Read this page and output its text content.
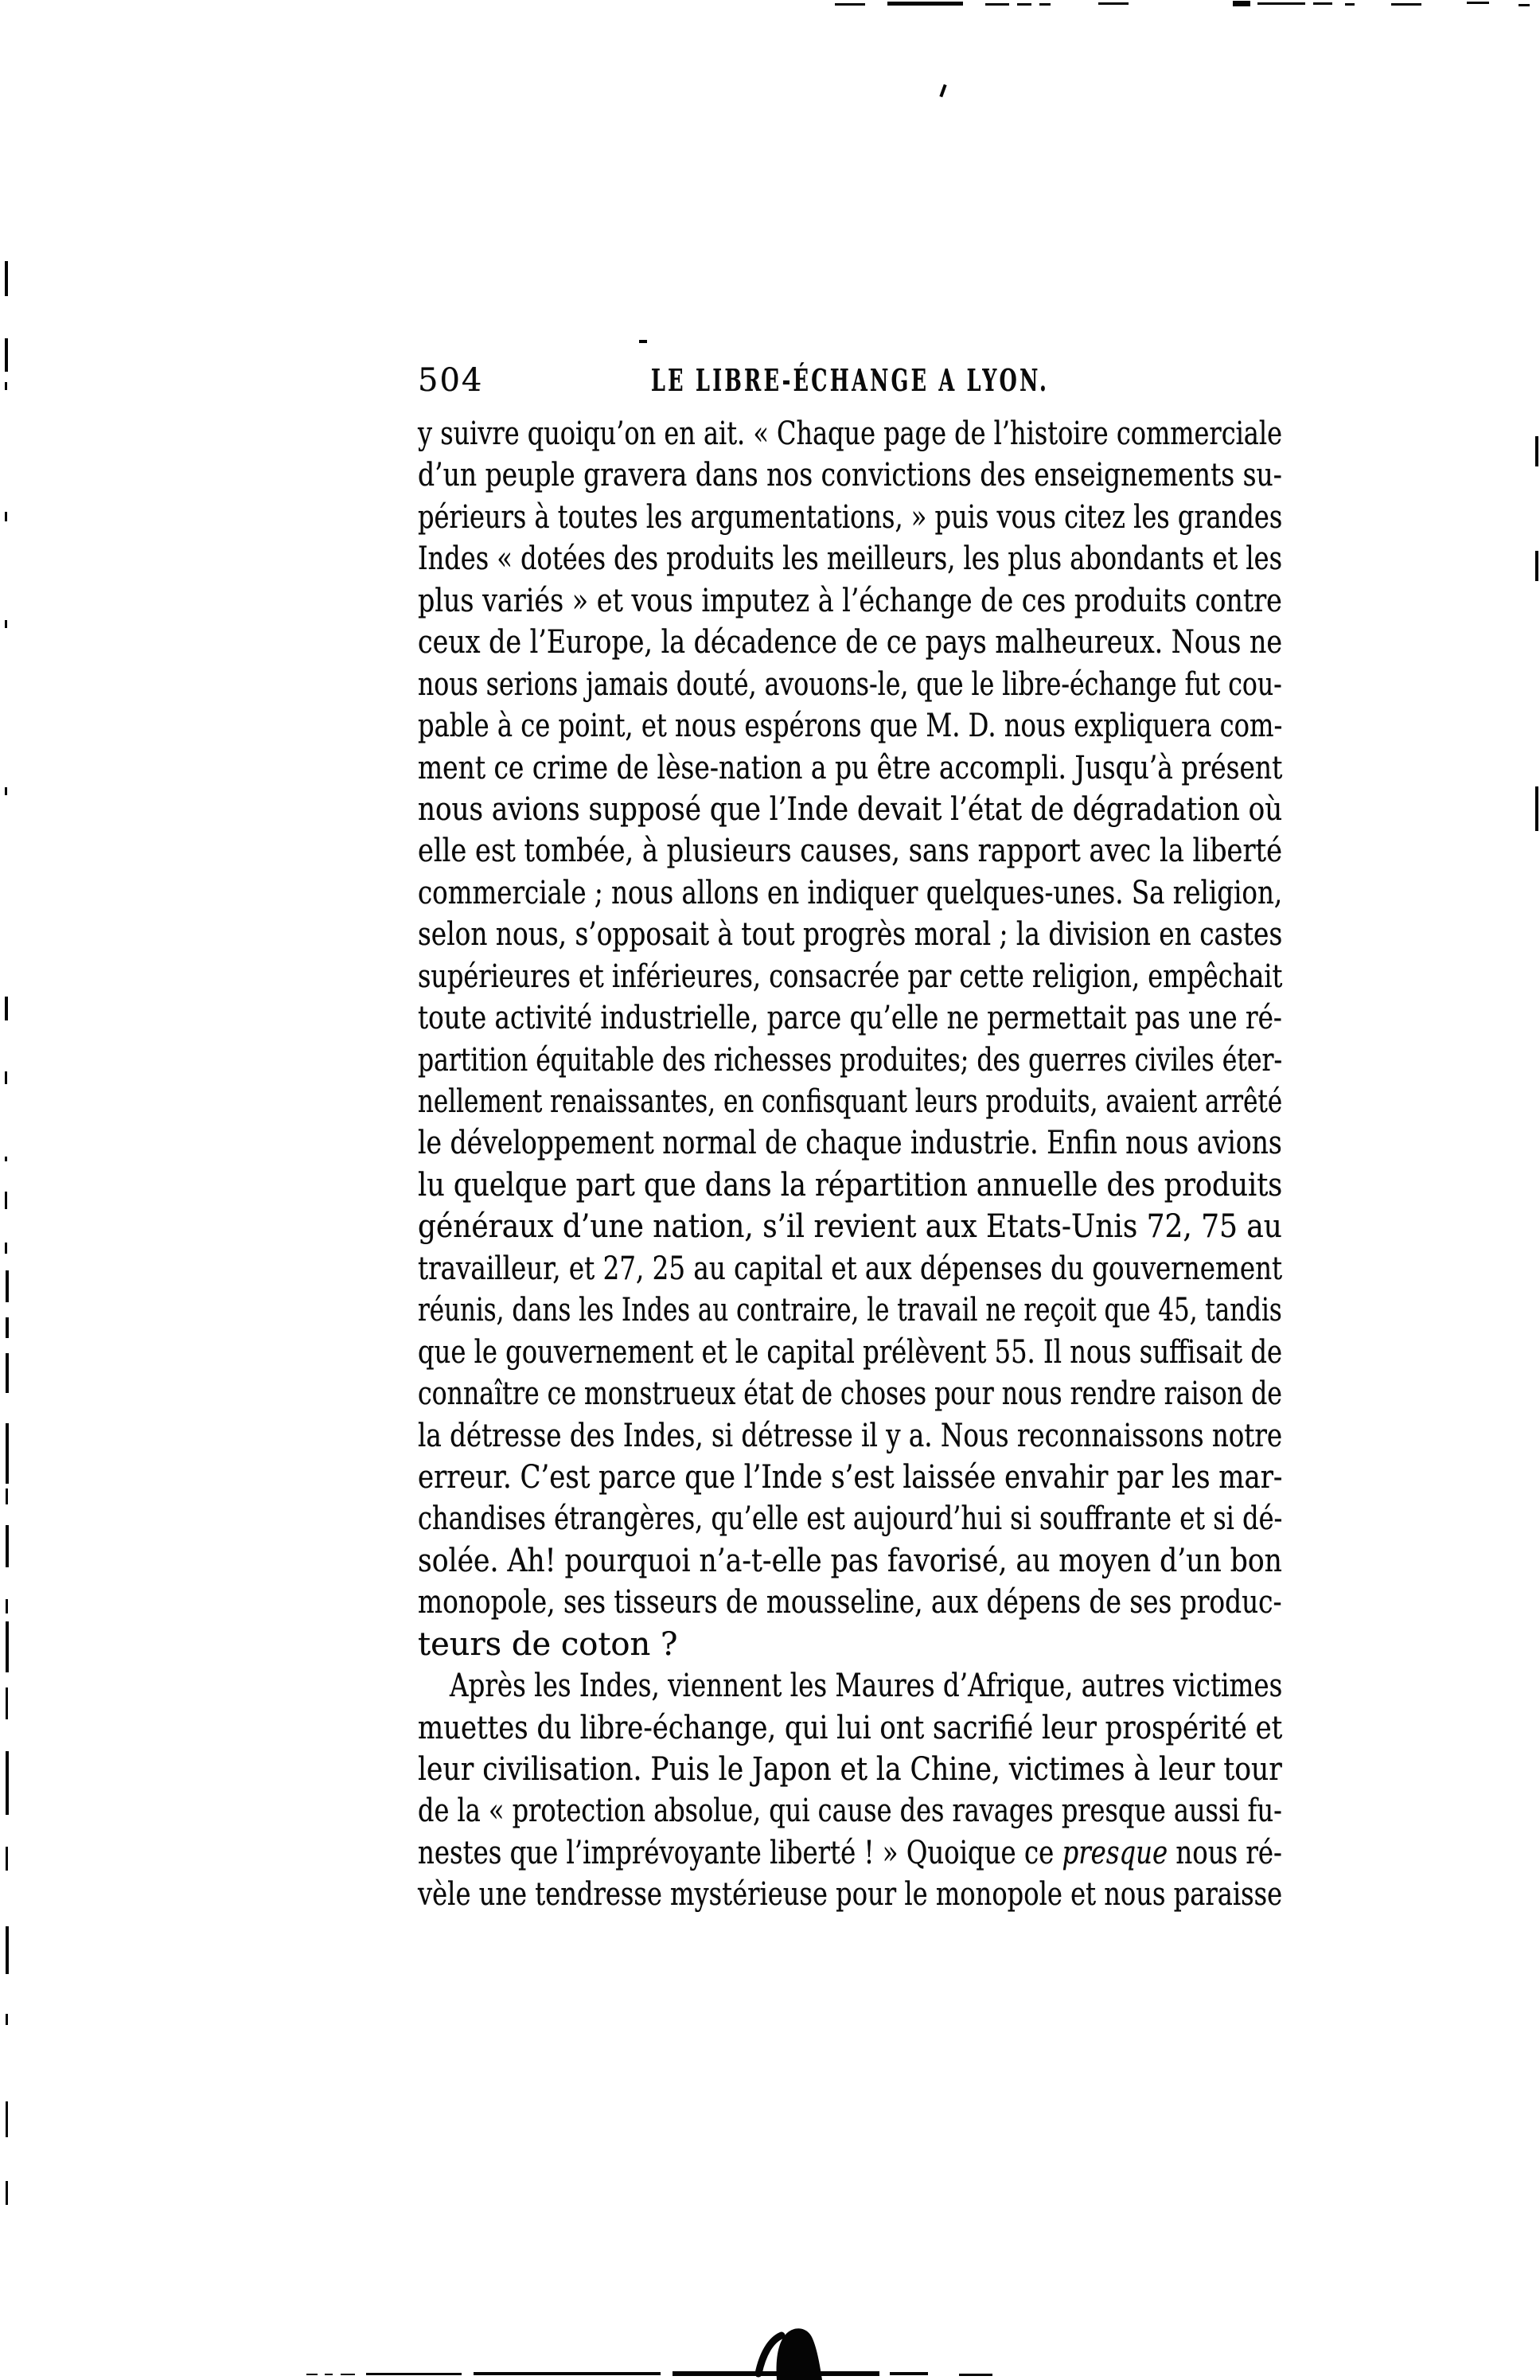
504	LE LIBRE-ÉCHANGE A LYON.
y suivre quoiqu’on en ait. « Chaque page de l’histoire commerciale
d’un peuple gravera dans nos convictions des enseignements su-
périeurs à toutes les argumentations, » puis vous citez les grandes
Indes « dotées des produits les meilleurs, les plus abondants et les
plus variés » et vous imputez à l’échange de ces produits contre
ceux de l’Europe, la décadence de ce pays malheureux. Nous ne
nous serions jamais douté, avouons-le, que le libre-échange fut cou-
pable à ce point, et nous espérons que M. D. nous expliquera com-
ment ce crime de lèse-nation a pu être accompli. Jusqu’à présent
nous avions supposé que l’Inde devait l’état de dégradation où
elle est tombée, à plusieurs causes, sans rapport avec la liberté
commerciale ; nous allons en indiquer quelques-unes. Sa religion,
selon nous, s’opposait à tout progrès moral ; la division en castes
supérieures et inférieures, consacrée par cette religion, empêchait
toute activité industrielle, parce qu’elle ne permettait pas une ré-
partition équitable des richesses produites; des guerres civiles éter-
nellement renaissantes, en confisquant leurs produits, avaient arrêté
le développement normal de chaque industrie. Enfin nous avions
lu quelque part que dans la répartition annuelle des produits
généraux d’une nation, s’il revient aux Etats-Unis 72, 75 au
travailleur, et 27, 25 au capital et aux dépenses du gouvernement
réunis, dans les Indes au contraire, le travail ne reçoit que 45, tandis
que le gouvernement et le capital prélèvent 55. Il nous suffisait de
connaître ce monstrueux état de choses pour nous rendre raison de
la détresse des Indes, si détresse il y a. Nous reconnaissons notre
erreur. C’est parce que l’Inde s’est laissée envahir par les mar-
chandises étrangères, qu’elle est aujourd’hui si souffrante et si dé-
solée. Ah! pourquoi n’a-t-elle pas favorisé, au moyen d’un bon
monopole, ses tisseurs de mousseline, aux dépens de ses produc-
teurs de coton ?
Après les Indes, viennent les Maures d’Afrique, autres victimes
muettes du libre-échange, qui lui ont sacrifié leur prospérité et
leur civilisation. Puis le Japon et la Chine, victimes à leur tour
de la « protection absolue, qui cause des ravages presque aussi fu-
nestes que l’imprévoyante liberté ! » Quoique ce presque nous ré-
vèle une tendresse mystérieuse pour le monopole et nous paraisse
